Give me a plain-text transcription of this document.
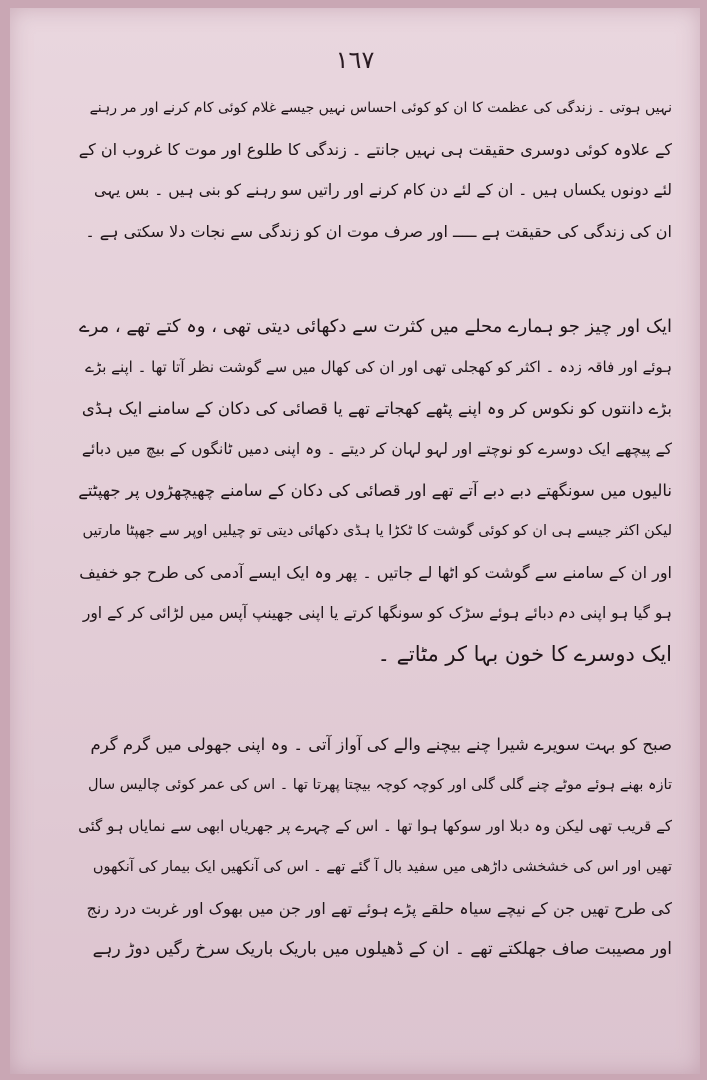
١٦٧
نہیں ہوتی ۔ زندگی کی عظمت کا ان کو کوئی احساس نہیں جیسے غلام کوئی کام کرنے اور مر رہنے
کے علاوہ کوئی دوسری حقیقت ہی نہیں جانتے ۔ زندگی کا طلوع اور موت کا غروب ان کے
لئے دونوں یکساں ہیں ۔ ان کے لئے دن کام کرنے اور راتیں سو رہنے کو بنی ہیں ۔ بس یہی
ان کی زندگی کی حقیقت ہے ـــــ اور صرف موت ان کو زندگی سے نجات دلا سکتی ہے ۔
ایک اور چیز جو ہمارے محلے میں کثرت سے دکھائی دیتی تھی ، وہ کتے تھے ، مرے
ہوئے اور فاقہ زدہ ۔ اکثر کو کھجلی تھی اور ان کی کھال میں سے گوشت نظر آتا تھا ۔ اپنے بڑے
بڑے دانتوں کو نکوس کر وہ اپنے پٹھے کھجاتے تھے یا قصائی کی دکان کے سامنے ایک ہڈی
کے پیچھے ایک دوسرے کو نوچتے اور لہو لہان کر دیتے ۔ وہ اپنی دمیں ٹانگوں کے بیچ میں دبائے
نالیوں میں سونگھتے دبے دبے آتے تھے اور قصائی کی دکان کے سامنے چھیچھڑوں پر جھپٹتے
لیکن اکثر جیسے ہی ان کو کوئی گوشت کا ٹکڑا یا ہڈی دکھائی دیتی تو چیلیں اوپر سے جھپٹا مارتیں
اور ان کے سامنے سے گوشت کو اٹھا لے جاتیں ۔ پھر وہ ایک ایسے آدمی کی طرح جو خفیف
ہو گیا ہو اپنی دم دبائے ہوئے سڑک کو سونگھا کرتے یا اپنی جھینپ آپس میں لڑائی کر کے اور
ایک دوسرے کا خون بہا کر مٹاتے ۔
صبح کو بہت سویرے شیرا چنے بیچنے والے کی آواز آتی ۔ وہ اپنی جھولی میں گرم گرم
تازہ بھنے ہوئے موٹے چنے گلی گلی اور کوچہ کوچہ بیچتا پھرتا تھا ۔ اس کی عمر کوئی چالیس سال
کے قریب تھی لیکن وہ دبلا اور سوکھا ہوا تھا ۔ اس کے چہرے پر جھریاں ابھی سے نمایاں ہو گئی
تھیں اور اس کی خشخشی داڑھی میں سفید بال آ گئے تھے ۔ اس کی آنکھیں ایک بیمار کی آنکھوں
کی طرح تھیں جن کے نیچے سیاہ حلقے پڑے ہوئے تھے اور جن میں بھوک اور غربت درد رنج
اور مصیبت صاف جھلکتے تھے ۔ ان کے ڈھیلوں میں باریک باریک سرخ رگیں دوڑ رہے
